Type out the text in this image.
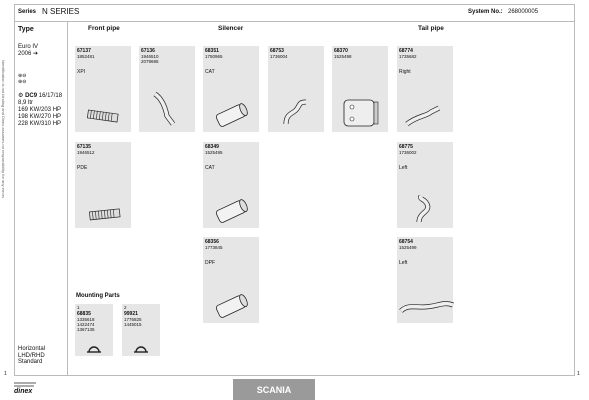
Series N SERIES	System No.: 268000005
Type
Euro IV
2006 ➔
⊕⊖
⊕⊖
⚙ DC9 16/17/18
8,9 ltr
169 KW/203 HP
198 KW/270 HP
228 KW/310 HP
Identification is not binding and Dinex assumes no responsibility for any errors
Horizontal
LHD/RHD
Standard
Front pipe	Silencer	Tail pipe
67137
1852481
XPI
67136
1946510
2079695
68351
1750965
CAT
68753
1736004
68370
1525498
68774
1735682
Right
67135
1946512
PDE
68349
1525495
CAT
68775
1736002
Left
68356
1773845
DPF
68754
1525499
Left
Mounting Parts
1
68835
1335618
1422474
1367135
2
99921
1776825
1445015
dinex	SCANIA
1
1
